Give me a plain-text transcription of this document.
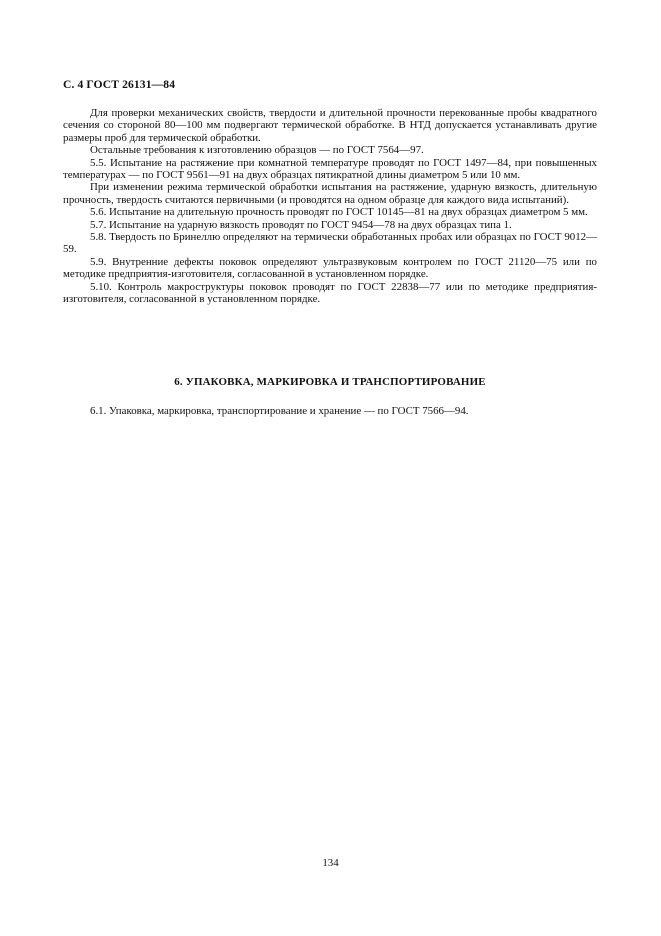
С. 4 ГОСТ 26131—84

Для проверки механических свойств, твердости и длительной прочности перекованные пробы квадратного сечения со стороной 80—100 мм подвергают термической обработке. В НТД допускается устанавливать другие размеры проб для термической обработки.

Остальные требования к изготовлению образцов — по ГОСТ 7564—97.

5.5. Испытание на растяжение при комнатной температуре проводят по ГОСТ 1497—84, при повышенных температурах — по ГОСТ 9561—91 на двух образцах пятикратной длины диаметром 5 или 10 мм.

При изменении режима термической обработки испытания на растяжение, ударную вязкость, длительную прочность, твердость считаются первичными (и проводятся на одном образце для каждого вида испытаний).

5.6. Испытание на длительную прочность проводят по ГОСТ 10145—81 на двух образцах диаметром 5 мм.

5.7. Испытание на ударную вязкость проводят по ГОСТ 9454—78 на двух образцах типа 1.

5.8. Твердость по Бринеллю определяют на термически обработанных пробах или образцах по ГОСТ 9012—59.

5.9. Внутренние дефекты поковок определяют ультразвуковым контролем по ГОСТ 21120—75 или по методике предприятия-изготовителя, согласованной в установленном порядке.

5.10. Контроль макроструктуры поковок проводят по ГОСТ 22838—77 или по методике предприятия-изготовителя, согласованной в установленном порядке.

6. УПАКОВКА, МАРКИРОВКА И ТРАНСПОРТИРОВАНИЕ

6.1. Упаковка, маркировка, транспортирование и хранение — по ГОСТ 7566—94.

134
